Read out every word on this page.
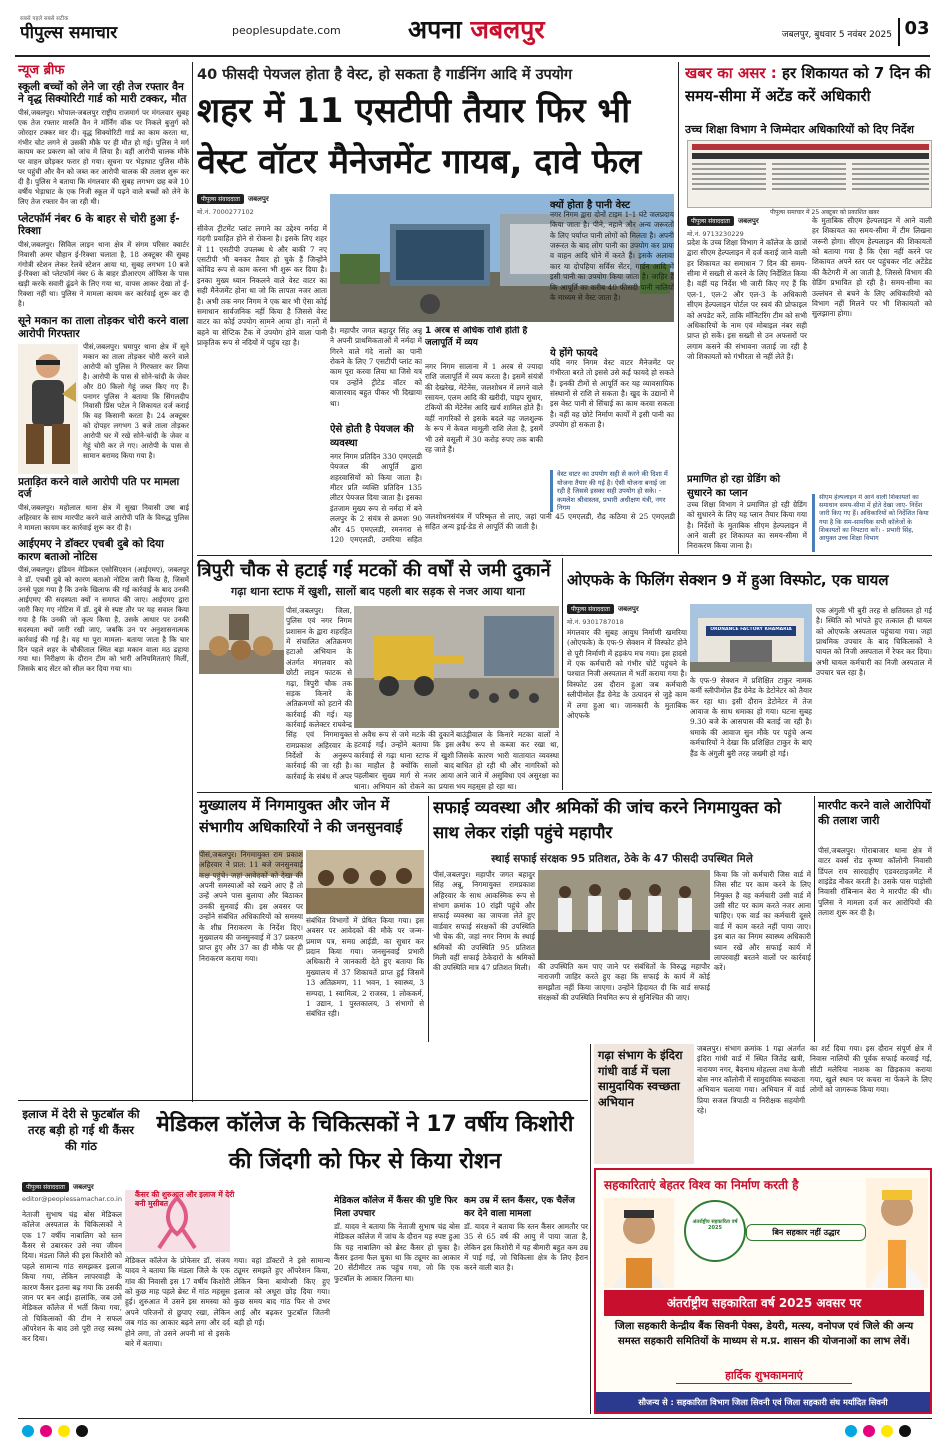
सबसे पहले सबसे सटीक
पीपुल्स समाचार	peoplesupdate.com	अपना जबलपुर	जबलपुर, बुधवार 5 नवंबर 2025 03
न्यूज ब्रीफ
स्कूली बच्चों को लेने जा रही तेज रफ्तार वैन ने वृद्ध सिक्योरिटी गार्ड को मारी टक्कर, मौत
पीसं,जबलपुर। भोपाल-जबलपुर राष्ट्रीय राजमार्ग पर मंगलवार सुबह एक तेज रफ्तार मारुति वैन ने मॉर्निंग वॉक पर निकले बुजुर्ग को जोरदार टक्कर मार दी। वृद्ध सिक्योरिटी गार्ड का काम करता था, गंभीर चोट लगने से उसकी मौके पर ही मौत हो गई। पुलिस ने मर्ग कायम कर प्रकरण को जांच में लिया है। वहीं आरोपी चालक मौके पर वाहन छोड़कर फरार हो गया। सूचना पर भेड़ाघाट पुलिस मौके पर पहुंची और वैन को जब्त कर आरोपी चालक की तलाश शुरू कर दी है। पुलिस ने बताया कि मंगलवार की सुबह लगभग छह बजे 10 वर्षीय भेड़ाघाट के एक निजी स्कूल में पढ़ने वाले बच्चों को लेने के लिए तेज रफ्तार वैन जा रही थी।
प्लेटफॉर्म नंबर 6 के बाहर से चोरी हुआ ई-रिक्शा
पीसं,जबलपुर। सिविल लाइन थाना क्षेत्र में संगम परिसर क्वार्टर निवासी अमर चौहान ई-रिक्शा चलाता है, 18 अक्टूबर की सुबह गंगोत्री स्टेशन लेकर रेलवे स्टेशन आया था, सुबह लगभग 10 बजे ई-रिक्शा को प्लेटफॉर्म नंबर 6 के बाहर डीआरएम ऑफिस के पास खड़ी करके सवारी ढूंढने के लिए गया था, वापस आकर देखा तो ई-रिक्शा नहीं था। पुलिस ने मामला कायम कर कार्रवाई शुरू कर दी है।
सूने मकान का ताला तोड़कर चोरी करने वाला आरोपी गिरफ्तार
पीसं,जबलपुर। घमापुर थाना क्षेत्र में सूने मकान का ताला तोड़कर चोरी करने वाले आरोपी को पुलिस ने गिरफ्तार कर लिया है। आरोपी के पास से सोने-चांदी के जेवर और 80 किलो गेहूं जब्त किए गए हैं। पनागर पुलिस ने बताया कि सिंगलदीप निवासी प्रिंस पटेल ने शिकायत दर्ज कराई कि वह किसानी करता है। 24 अक्टूबर को दोपहर लगभग 3 बजे ताला तोड़कर आरोपी घर में रखे सोने-चांदी के जेवर व गेहूं चोरी कर ले गए। आरोपी के पास से सामान बरामद किया गया है।
प्रताड़ित करने वाले आरोपी पति पर मामला दर्ज
पीसं,जबलपुर। महोलाल थाना क्षेत्र में सूखा निवासी उषा बाई अहिरवार के साथ मारपीट करने वाले आरोपी पति के विरुद्ध पुलिस ने मामला कायम कर कार्रवाई शुरू कर दी है।
आईएमए ने डॉक्टर एचबी दुबे को दिया कारण बताओ नोटिस
पीसं,जबलपुर। इंडियन मेडिकल एसोसिएशन (आईएमए), जबलपुर ने डॉ. एचबी दुबे को कारण बताओ नोटिस जारी किया है, जिसमें उनसे पूछा गया है कि उनके खिलाफ की गई कार्रवाई के बाद उनकी आईएमए की सदस्यता क्यों न समाप्त की जाए। आईएमए द्वारा जारी किए गए नोटिस में डॉ. दुबे से स्पष्ट तौर पर यह सवाल किया गया है कि उनकी जो कृत्य किया है, उसके आधार पर उनकी सदस्यता क्यों जारी रखी जाए, जबकि उन पर अनुशासनात्मक कार्रवाई की गई है। यह था पूरा मामला- बताया जाता है कि चार दिन पहले शहर के चौकीताल स्थित बड़ा मकान वाला मठ ढहाया गया था। निरीक्षण के दौरान टीम को भारी अनियमितताएं मिलीं, जिसके बाद सेंटर को सील कर दिया गया था।
40 फीसदी पेयजल होता है वेस्ट, हो सकता है गार्डनिंग आदि में उपयोग
शहर में 11 एसटीपी तैयार फिर भी वेस्ट वॉटर मैनेजमेंट गायब, दावे फेल
पीपुल्स संवाददाता	जबलपुर
मो.नं. 7000277102
सीवेज ट्रीटमेंट प्लांट लगाने का उद्देश्य नर्मदा में गंदगी प्रवाहित होने से रोकना है। इसके लिए शहर में 11 एसटीपी उपलब्ध थे और बाकी 7 नए एसटीपी भी बनकर तैयार हो चुके हैं जिन्होंने कोविड रूप से काम करना भी शुरू कर दिया है। इनका मुख्य ध्यान निकलने वाले वेस्ट वाटर का सही मैनेजमेंट होना था जो कि लापता नजर आता है। अभी तक नगर निगम ने एक बार भी ऐसा कोई समाधान सार्वजनिक नहीं किया है जिससे वेस्ट वाटर का कोई उपयोग सामने आया हो। नालों में बहने या सेप्टिक टैंक में उपयोग होने वाला पानी प्राकृतिक रूप से नदियों में पहुंच रहा है।
है। महापौर जगत बहादुर सिंह अन्नू ने अपनी प्राथमिकताओं में नर्मदा में गिरने वाले गंदे नालों का पानी रोकने के लिए 7 एसटीपी प्लांट का काम पूरा करवा लिया था जिसे यत्र पत्र उन्होंने ट्रीटेड वॉटर को बाजारवाद बहुत पीकर भी दिखाया था।
ऐसे होती है पेयजल की व्यवस्था
नगर निगम प्रतिदिन 330 एमएलडी पेयजल की आपूर्ति द्वारा शहरवासियों को किया जाता है। मीटर प्रति व्यक्ति प्रतिदिन 135 लीटर पेयजल दिया जाता है। इसका इंतजाम मुख्य रूप से नर्मदा में बने ललपुर के 2 संयंत्र से क्रमशः 90 और 45 एमएलडी, रमनगरा से 120 एमएलडी, उमरिया सहित
1 अरब से अधिक राशि होती है जलापूर्ति में व्यय
नगर निगम सालाना में 1 अरब से ज्यादा राशि जलापूर्ति में व्यय करता है। इसमें संयंत्रों की देखरेख, मेंटेनेंस, जलशोधन में लगने वाले रसायन, एलम आदि की खरीदी, पाइप सुधार, टंकियों की मेंटेनेंस आदि खर्च शामिल होते हैं। वहीं नागरिकों से इसके बदले वह जलशुल्क के रूप में केवल मामूली राशि लेता है, इसमें भी उसे वसूली में 30 करोड़ रुपए तक बाकी रह जाते हैं।
जलशोधनसंयंत्र में परिष्कृत से लाए, जहां पानी 45 एमएलडी, रौद्र कठिया से 25 एमएलडी सहित अन्य ड्राई-डेड से आपूर्ति की जाती है।
क्यों होता है पानी वेस्ट
नगर निगम द्वारा दोनों टाइम 1-1 घंटे जलप्रदाय किया जाता है। पीने, नहाने और अन्य जरूरतों के लिए पर्याप्त पानी लोगों को मिलता है। अपनी जरूरत के बाद लोग पानी का उपयोग कर प्रायः व वाहन आदि धोने में करते हैं। इसके अलावा कार या दोपहिया सर्विस सेंटर, गार्डन आदि में इसी पानी का उपयोग किया जाता है। जाहिर है कि आपूर्ति का करीब 40 फीसदी पानी नालियों के माध्यम से वेस्ट जाता है।
ये होंगे फायदे
यदि नगर निगम वेस्ट वाटर मैनेजमेंट पर गंभीरता बरते तो इससे उसे कई फायदे हो सकते हैं। इनकी टीमों से आपूर्ति कर यह व्यावसायिक संस्थानों से राशि ले सकता है। खुद के उद्यानों में इस वेस्ट पानी से सिंचाई का काम करवा सकता है। वहीं वह छोटे निर्माण कार्यों में इसी पानी का उपयोग हो सकता है।
वेस्ट वाटर का उपयोग सही से करने की दिशा में योजना तैयार की गई है। ऐसी योजना बनाई जा रही है जिससे इसका सही उपयोग हो सके। - कमलेश श्रीवास्तव, प्रभारी अधीक्षण यंत्री, नगर निगम
खबर का असर : हर शिकायत को 7 दिन की समय-सीमा में अटेंड करें अधिकारी
उच्च शिक्षा विभाग ने जिम्मेदार अधिकारियों को दिए निर्देश
पीपुल्स समाचार में 25 अक्टूबर को प्रकाशित खबर
पीपुल्स संवाददाता	जबलपुर
मो.नं. 9713230229
प्रदेश के उच्च शिक्षा विभाग ने कॉलेज के छात्रों द्वारा सीएम हेल्पलाइन में दर्ज कराई जाने वाली हर शिकायत का समाधान 7 दिन की समय-सीमा में सख्ती से करने के लिए निर्देशित किया है। वहीं यह निर्देश भी जारी किए गए हैं कि एल-1, एल-2 और एल-3 के अधिकारी सीएम हेल्पलाइन पोर्टल पर स्वयं की प्रोफाइल को अपडेट करें, ताकि मॉनिटरिंग टीम को सभी अधिकारियों के नाम एवं मोबाइल नंबर सही प्राप्त हो सकें। इस सख्ती से उन अफसरों पर लगाम कसने की संभावना जताई जा रही है जो शिकायतों को गंभीरता से नहीं लेते हैं।
प्रमाणित हो रहा ग्रेडिंग को सुधारने का प्लान
उच्च शिक्षा विभाग ने प्रमाणित हो रही ग्रेडिंग को सुधारने के लिए यह प्लान तैयार किया गया है। निर्देशों के मुताबिक सीएम हेल्पलाइन में आने वाली हर शिकायत का समय-सीमा में निराकरण किया जाना है।
के मुताबिक सीएम हेल्पलाइन में आने वाली हर शिकायत का समय-सीमा में टीम लिखना जरूरी होगा। सीएम हेल्पलाइन की शिकायतों को बताया गया है कि ऐसा नहीं करने पर शिकायत अपने स्तर पर पहुंचकर नॉट अटेंडेड की कैटेगरी में आ जाती है, जिससे विभाग की ग्रेडिंग प्रभावित हो रही है। समय-सीमा का उल्लंघन से बचने के लिए अधिकारियों को विभाग नहीं मिलने पर भी शिकायतों को सुलझाना होगा।
सीएम हेल्पलाइन में आने वाली शिकायतों का समाधान समय-सीमा में होते देखा जाए- निर्देश जारी किए गए हैं। अधिकारियों को निर्देशित किया गया है कि सम-सामयिक सभी कॉलेजों के शिकायतों का निपटारा करें। - प्रभारी सिंह, आयुक्त उच्च शिक्षा विभाग
त्रिपुरी चौक से हटाई गई मटकों की वर्षों से जमी दुकानें
गढ़ा थाना स्टाफ में खुशी, सालों बाद पहली बार सड़क से नजर आया थाना
पीसं,जबलपुर। जिला, पुलिस एवं नगर निगम प्रशासन के द्वारा शहरहित में संचालित अतिक्रमण हटाओ अभियान के अंतर्गत मंगलवार को छोटी लाइन फाटक से गढ़ा, त्रिपुरी चौक तक सड़क किनारे के अतिक्रमणों को हटाने की कार्रवाई की गई। यह कार्रवाई कलेक्टर राघवेन्द्र सिंह एवं निगमायुक्त रामप्रकाश अहिरवार के निर्देशों के अनुरूप कार्रवाई की जा रही है। कार्रवाई के संबंध में अपर
से अवैध रूप से जमे मटके की दुकानें हटवाई गईं। उन्होंने बताया कि इस कार्रवाई से गढ़ा थाना स्टाफ में खुशी का माहौल है क्योंकि सालों बाद पहलीबार सुख्य मार्ग से नजर आया थाना। अभियान को रोकने का प्रयास
बाउंड्रीवाल के किनारे मटका वालों ने अवैध रूप से कब्जा कर रखा था, जिसके कारण भारी यातायात व्यवस्था बाधित हो रही थी और नागरिकों को आने जाने में असुविधा एवं असुरक्षा का भय महसूस हो रहा था।
ओएफके के फिलिंग सेक्शन 9 में हुआ विस्फोट, एक घायल
पीपुल्स संवाददाता	जबलपुर
मो.नं. 9301787018
ORDNANCE FACTORY KHAMARIA
मंगलवार की सुबह आयुध निर्माणी खमरिया (ओएफके) के एफ-9 सेक्शन में विस्फोट होने से पूरी निर्माणी में हड़कंप मच गया। इस हादसे में एक कर्मचारी को गंभीर चोटें पहुंचने के पश्चात निजी अस्पताल में भर्ती कराया गया है। विस्फोट उस दौरान हुआ जब कर्मचारी स्लीपीमोल हैंड ग्रेनेड के उत्पादन से जुड़े काम में लगा हुआ था। जानकारी के मुताबिक ओएफके
के एफ-9 सेक्शन में प्रशिक्षित टाकुर नामक कर्मी स्लीपीमोल हैंड ग्रेनेड के डेटोनेटर को तैयार कर रहा था। इसी दौरान डेटोनेटर में तेज आवाज के साथ धमाका हो गया। घटना सुबह 9.30 बजे के आसपास की बताई जा रही है। धमाके की आवाज सुन मौके पर पहुंचे अन्य कर्मचारियों ने देखा कि प्रशिक्षित टाकुर के बाएं हैंड के अंगुली बुरी तरह जख्मी हो गई।
एक अंगुली भी बुरी तरह से क्षतिग्रस्त हो गई है। स्थिति को भांपते हुए तत्काल ही घायल को ओएफके अस्पताल पहुंचाया गया। जहां प्राथमिक उपचार के बाद चिकित्सकों ने घायल को निजी अस्पताल में रेफर कर दिया। अभी घायल कर्मचारी का निजी अस्पताल में उपचार चल रहा है।
मुख्यालय में निगमायुक्त और जोन में संभागीय अधिकारियों ने की जनसुनवाई
पीसं,जबलपुर। निगमायुक्त राम प्रकाश अहिरवार ने प्रात: 11 बजे जनसुनवाई कक्ष पहुंचे। जहां आवेदकों को देखा की अपनी समस्याओं को रखने आए हैं तो उन्हें अपने पास बुलाया और बिठाकर उनकी सुनवाई की। इस अवसर पर उन्होंने संबंधित अधिकारियों को समस्या के शीघ्र निराकरण के निर्देश दिए। मुख्यालय की जनसुनवाई में 37 प्रकरण प्राप्त हुए और 37 का ही मौके पर ही निराकरण कराया गया।
संबंधित विभागों में प्रेषित किया गया। इस अवसर पर आवेदकों की मौके पर जन्म-प्रमाण पत्र, समग्र आईडी, का सुधार कर प्रदान किया गया। जनसुनवाई प्रभारी अधिकारी ने जानकारी देते हुए बताया कि मुख्यालय में 37 शिकायतें प्राप्त हुईं जिसमें 13 अतिक्रमण, 11 भवन, 1 स्वास्थ्य, 3 सम्पदा, 1 स्वामित्व, 2 राजस्व, 1 लोककर्म, 1 उद्यान, 1 पुस्तकालय, 3 संभागों से संबंधित रही।
सफाई व्यवस्था और श्रमिकों की जांच करने निगमायुक्त को साथ लेकर रांझी पहुंचे महापौर
स्थाई सफाई संरक्षक 95 प्रतिशत, ठेके के 47 फीसदी उपस्थित मिले
पीसं,जबलपुर। महापौर जगत बहादुर सिंह अन्नू, निगमायुक्त रामप्रकाश अहिरवार के साथ आकस्मिक रूप से संभाग क्रमांक 10 रांझी पहुंचे और सफाई व्यवस्था का जायजा लेते हुए वार्डवार सफाई संरक्षकों की उपस्थिति भी चेक की, जहां नगर निगम के स्थाई श्रमिकों की उपस्थिति 95 प्रतिशत मिली वहीं सफाई ठेकेदारों के श्रमिकों की उपस्थिति मात्र 47 प्रतिशत मिली।	की उपस्थिति कम पाए जाने पर संबंधितों के विरुद्ध महापौर नाराजगी जाहिर करते हुए कहा कि सफाई के कार्य में कोई समझौता नहीं किया जाएगा। उन्होंने हिदायत दी कि वार्ड सफाई संरक्षकों की उपस्थिति नियमित रूप से सुनिश्चित की जाए।
किया कि जो कर्मचारी जिस वार्ड में जिस सीट पर काम करने के लिए नियुक्त है वह कर्मचारी उसी वार्ड में उसी सीट पर काम करते नजर आना चाहिए। एक वार्ड का कर्मचारी दूसरे वार्ड में काम करते नहीं पाया जाए। इस बात का निगम स्वास्थ्य अधिकारी ध्यान रखें और सफाई कार्य में लापरवाही बरतने वालों पर कार्रवाई करें।
मारपीट करने वाले आरोपियों की तलाश जारी
पीसं,जबलपुर। गोराबाजार थाना क्षेत्र में वाटर वर्क्स रोड कृष्णा कॉलोनी निवासी डिंपल राय सारदाहीए एडवरटाइजमेंट में शाइंडेड नौकर करती है। उसके पास पाड़ोसी निवासी रॉबिन्सन बेरा ने मारपीट की थी। पुलिस ने मामला दर्ज कर आरोपियों की तलाश शुरू कर दी है।
इलाज में देरी से फुटबॉल की तरह बड़ी हो गई थी कैंसर की गांठ
पीपुल्स संवाददाता	जबलपुर
editor@peoplessamachar.co.in
मेडिकल कॉलेज के चिकित्सकों ने 17 वर्षीय किशोरी की जिंदगी को फिर से किया रोशन
नेताजी सुभाष चंद्र बोस मेडिकल कॉलेज अस्पताल के चिकित्सकों ने एक 17 वर्षीय नाबालिग को स्तन कैंसर से उबारकर उसे नया जीवन दिया। मंडला जिले की इस किशोरी को पहले सामान्य गांठ समझकर इलाज किया गया, लेकिन लापरवाही के कारण कैंसर इतना बढ़ गया कि उसकी जान पर बन आई। हालांकि, जब उसे मेडिकल कॉलेज में भर्ती किया गया, तो चिकित्सकों की टीम ने सफल ऑपरेशन के बाद उसे पूरी तरह स्वस्थ कर दिया।
कैंसर की शुरुआत और इलाज में देरी बनी मुसीबत
मेडिकल कॉलेज के प्रोफेसर डॉ. संजय यादव ने बताया कि मंडला जिले के एक गांव की निवासी इस 17 वर्षीय किशोरी को कुछ माह पहले ब्रेस्ट में गांठ महसूस हुई। शुरुआत में उसने इस समस्या को अपने परिजनों से छुपाए रखा, लेकिन जब गांठ का आकार बढ़ने लगा और दर्द होने लगा, तो उसने अपनी मां से इसके बारे में बताया।
गया। वहां डॉक्टरों ने इसे सामान्य ट्यूमर समझते हुए ऑपरेशन किया, लेकिन बिना बायोप्सी किए हुए इलाज को अधूरा छोड़ दिया गया। कुछ समय बाद गांठ फिर से उभर आई और बढ़कर फुटबॉल जितनी बड़ी हो गई।
मेडिकल कॉलेज में कैंसर की पुष्टि फिर मिला उपचार
डॉ. यादव ने बताया कि नेताजी सुभाष चंद्र बोस मेडिकल कॉलेज में जांच के दौरान यह स्पष्ट हुआ कि यह नाबालिग को ब्रेस्ट कैंसर हो चुका है। कैंसर इतना फैल चुका था कि ट्यूमर का आकार 20 सेंटीमीटर तक पहुंच गया, जो कि एक फुटबॉल के आकार जितना था।
कम उम्र में स्तन कैंसर, एक चैलेंज कर देने वाला मामला
डॉ. यादव ने बताया कि स्तन कैंसर आमतौर पर 35 से 65 वर्ष की आयु में पाया जाता है, लेकिन इस किशोरी में यह बीमारी बहुत कम उम्र में पाई गई, जो चिकित्सा क्षेत्र के लिए हैरान करने वाली बात है।
गढ़ा संभाग के इंदिरा गांधी वार्ड में चला सामुदायिक स्वच्छता अभियान
जबलपुर। संभाग क्रमांक 1 गढ़ा अंतर्गत इंदिरा गांधी वार्ड में स्थित जितेंद्र खत्री, नारायण नगर, बैदनाथ मोहल्ला तथा केजी बोस नगर कॉलोनी में सामुदायिक स्वच्छता अभियान चलाया गया। अभियान में वार्ड प्रिया सजल त्रिपाठी व निरीक्षक सहयोगी रहे।
का शर्ट दिया गया। इस दौरान संपूर्ण क्षेत्र में निवास नालियों की पूर्वक सफाई करवाई गई, सीटी मलेरिया नाशक का छिड़काव कराया गया, खुले स्थान पर कचरा ना फेंकने के लिए लोगों को जागरूक किया गया।
सहकारिताएं बेहतर विश्व का निर्माण करती है
अंतर्राष्ट्रीय सहकारिता वर्ष 2025
बिन सहकार नहीं उद्धार
अंतर्राष्ट्रीय सहकारिता वर्ष 2025 अवसर पर
जिला सहकारी केन्द्रीय बैंक सिवनी पेक्स, डेयरी, मत्स्य, वनोपज एवं जिले की अन्य समस्त सहकारी समितियों के माध्यम से म.प्र. शासन की योजनाओं का लाभ लेवें।
हार्दिक शुभकामनाएं
सौजन्य से : सहकारिता विभाग जिला सिवनी एवं जिला सहकारी संघ मर्यादित सिवनी
